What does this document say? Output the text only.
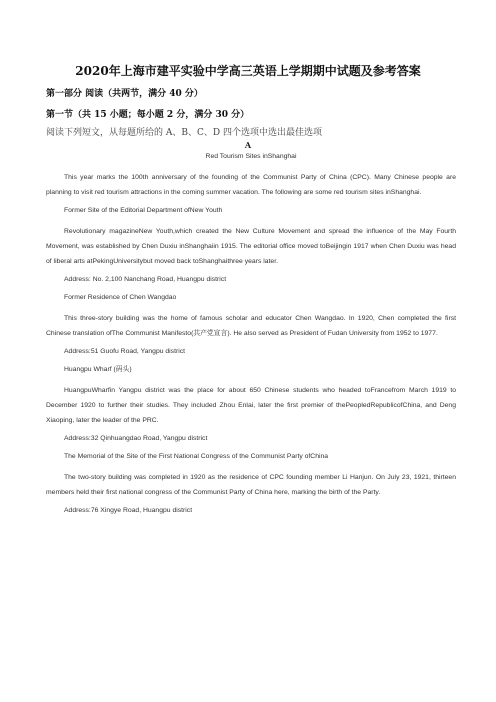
2020年上海市建平实验中学高三英语上学期期中试题及参考答案
第一部分 阅读（共两节，满分 40 分）
第一节（共 15 小题；每小题 2 分，满分 30 分）
阅读下列短文，从每题所给的 A、B、C、D 四个选项中选出最佳选项
A
Red Tourism Sites inShanghai
This year marks the 100th anniversary of the founding of the Communist Party of China (CPC). Many Chinese people are planning to visit red tourism attractions in the coming summer vacation. The following are some red tourism sites inShanghai.
Former Site of the Editorial Department ofNew Youth
Revolutionary magazineNew Youth,which created the New Culture Movement and spread the influence of the May Fourth Movement, was established by Chen Duxiu inShanghaiin 1915. The editorial office moved toBeijingin 1917 when Chen Duxiu was head of liberal arts atPekingUniversitybut moved back toShanghaithree years later.
Address: No. 2,100 Nanchang Road, Huangpu district
Former Residence of Chen Wangdao
This three-story building was the home of famous scholar and educator Chen Wangdao. In 1920, Chen completed the first Chinese translation ofThe Communist Manifesto(共产党宣言). He also served as President of Fudan University from 1952 to 1977.
Address:51 Guofu Road, Yangpu district
Huangpu Wharf (码头)
HuangpuWharfin Yangpu district was the place for about 650 Chinese students who headed toFrancefrom March 1919 to December 1920 to further their studies. They included Zhou Enlai, later the first premier of thePeopledRepublicofChina, and Deng Xiaoping, later the leader of the PRC.
Address:32 Qinhuangdao Road, Yangpu district
The Memorial of the Site of the First National Congress of the Communist Party ofChina
The two-story building was completed in 1920 as the residence of CPC founding member Li Hanjun. On July 23, 1921, thirteen members held their first national congress of the Communist Party of China here, marking the birth of the Party.
Address:76 Xingye Road, Huangpu district
